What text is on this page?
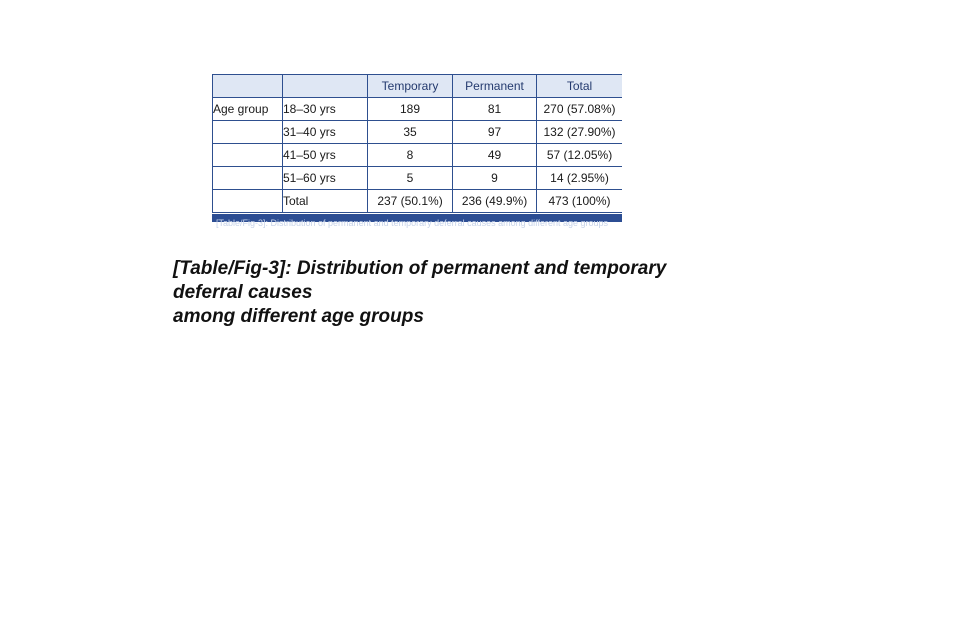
		Temporary	Permanent	Total
Age group	18–30 yrs	189	81	270 (57.08%)
	31–40 yrs	35	97	132 (27.90%)
	41–50 yrs	8	49	57 (12.05%)
	51–60 yrs	5	9	14 (2.95%)
	Total	237 (50.1%)	236 (49.9%)	473 (100%)
[Table/Fig-3]: Distribution of permanent and temporary deferral causes among different age groups
[Table/Fig-3]: Distribution of permanent and temporary
deferral causes
among different age groups
